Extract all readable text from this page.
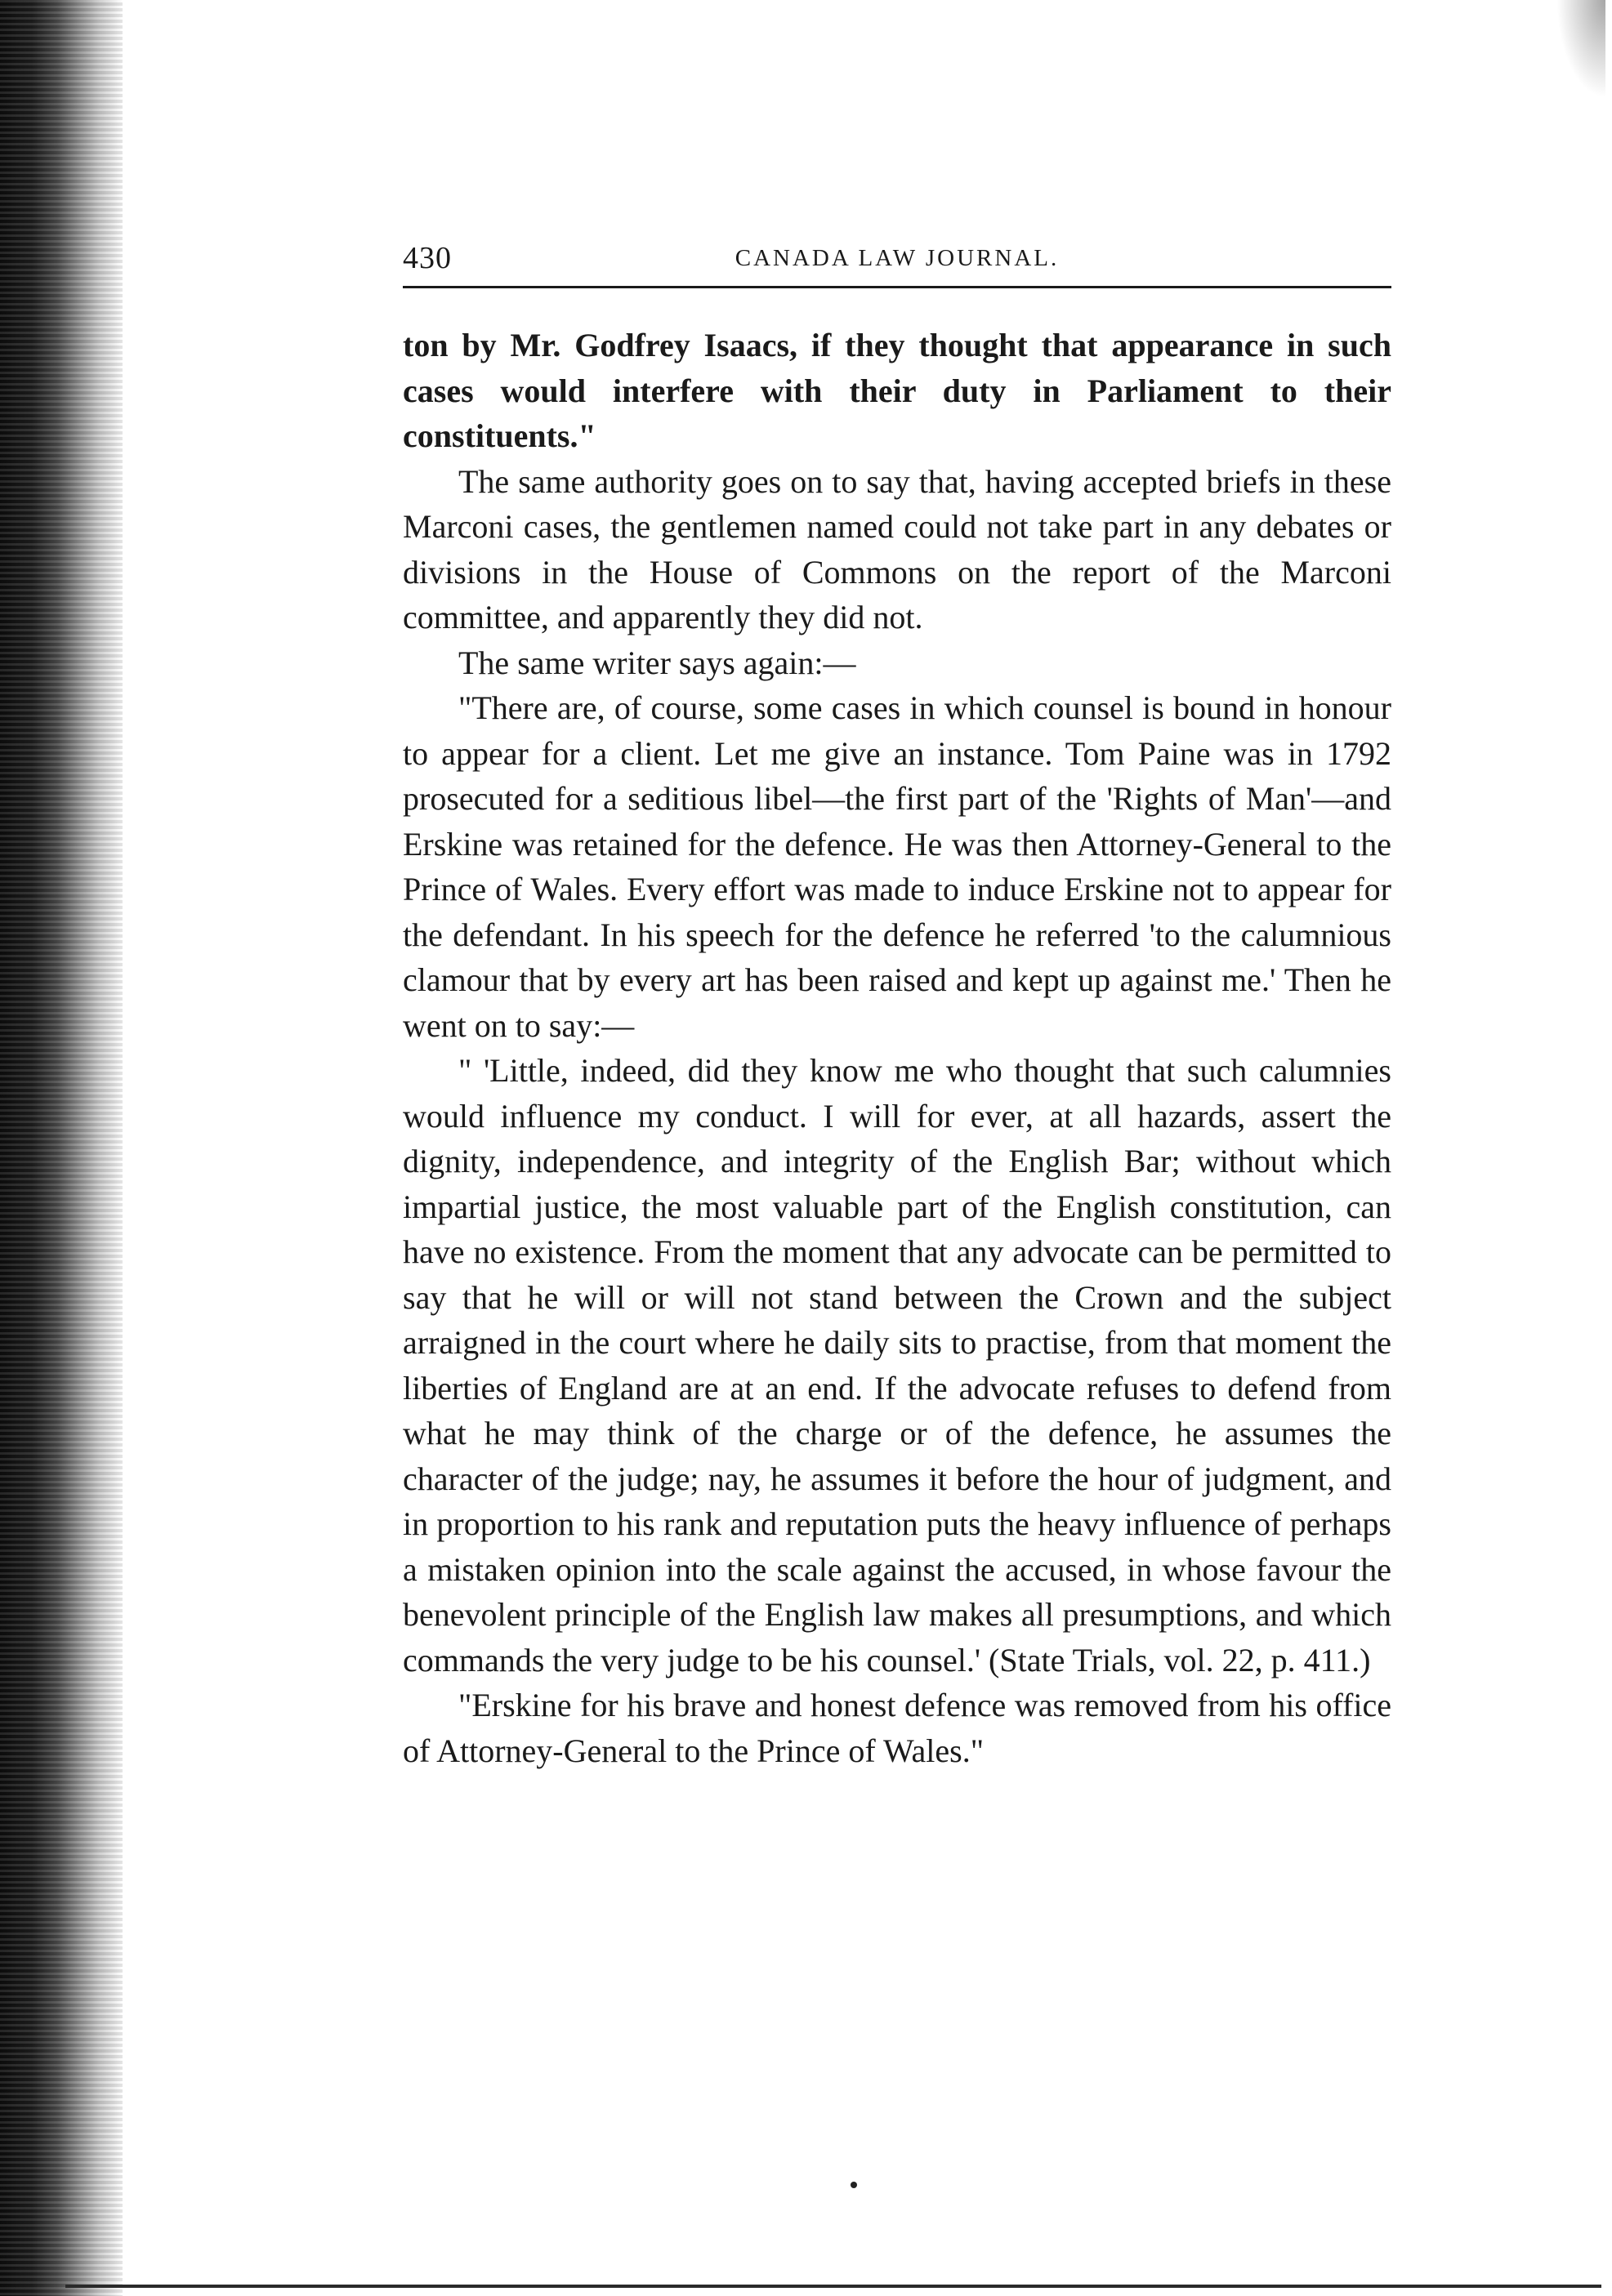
430	CANADA LAW JOURNAL.

ton by Mr. Godfrey Isaacs, if they thought that appearance in such cases would interfere with their duty in Parliament to their constituents."

The same authority goes on to say that, having accepted briefs in these Marconi cases, the gentlemen named could not take part in any debates or divisions in the House of Commons on the report of the Marconi committee, and apparently they did not.

The same writer says again:—

"There are, of course, some cases in which counsel is bound in honour to appear for a client. Let me give an instance. Tom Paine was in 1792 prosecuted for a seditious libel—the first part of the 'Rights of Man'—and Erskine was retained for the defence. He was then Attorney-General to the Prince of Wales. Every effort was made to induce Erskine not to appear for the defendant. In his speech for the defence he referred 'to the calumnious clamour that by every art has been raised and kept up against me.' Then he went on to say:—

" 'Little, indeed, did they know me who thought that such calumnies would influence my conduct. I will for ever, at all hazards, assert the dignity, independence, and integrity of the English Bar; without which impartial justice, the most valuable part of the English constitution, can have no existence. From the moment that any advocate can be permitted to say that he will or will not stand between the Crown and the subject arraigned in the court where he daily sits to practise, from that moment the liberties of England are at an end. If the advocate refuses to defend from what he may think of the charge or of the defence, he assumes the character of the judge; nay, he assumes it before the hour of judgment, and in proportion to his rank and reputation puts the heavy influence of perhaps a mistaken opinion into the scale against the accused, in whose favour the benevolent principle of the English law makes all presumptions, and which commands the very judge to be his counsel.' (State Trials, vol. 22, p. 411.)

"Erskine for his brave and honest defence was removed from his office of Attorney-General to the Prince of Wales."
